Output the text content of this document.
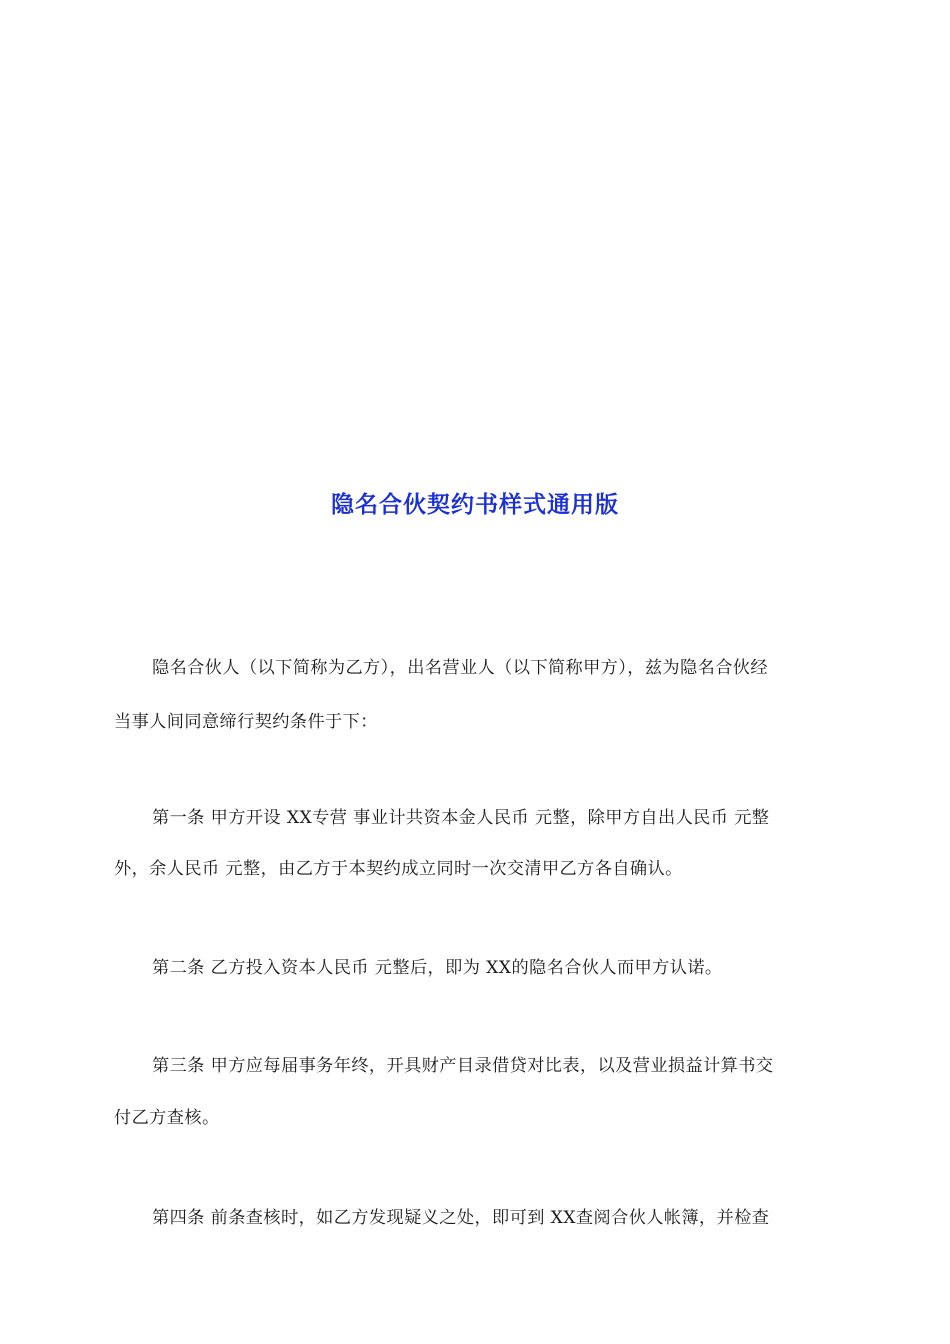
隐名合伙契约书样式通用版
隐名合伙人（以下简称为乙方），出名营业人（以下简称甲方），兹为隐名合伙经
当事人间同意缔行契约条件于下：
第一条 甲方开设 XX专营 事业计共资本金人民币 元整，除甲方自出人民币 元整
外，余人民币 元整，由乙方于本契约成立同时一次交清甲乙方各自确认。
第二条 乙方投入资本人民币 元整后，即为 XX的隐名合伙人而甲方认诺。
第三条 甲方应每届事务年终，开具财产目录借贷对比表，以及营业损益计算书交
付乙方查核。
第四条 前条查核时，如乙方发现疑义之处，即可到 XX查阅合伙人帐簿，并检查
